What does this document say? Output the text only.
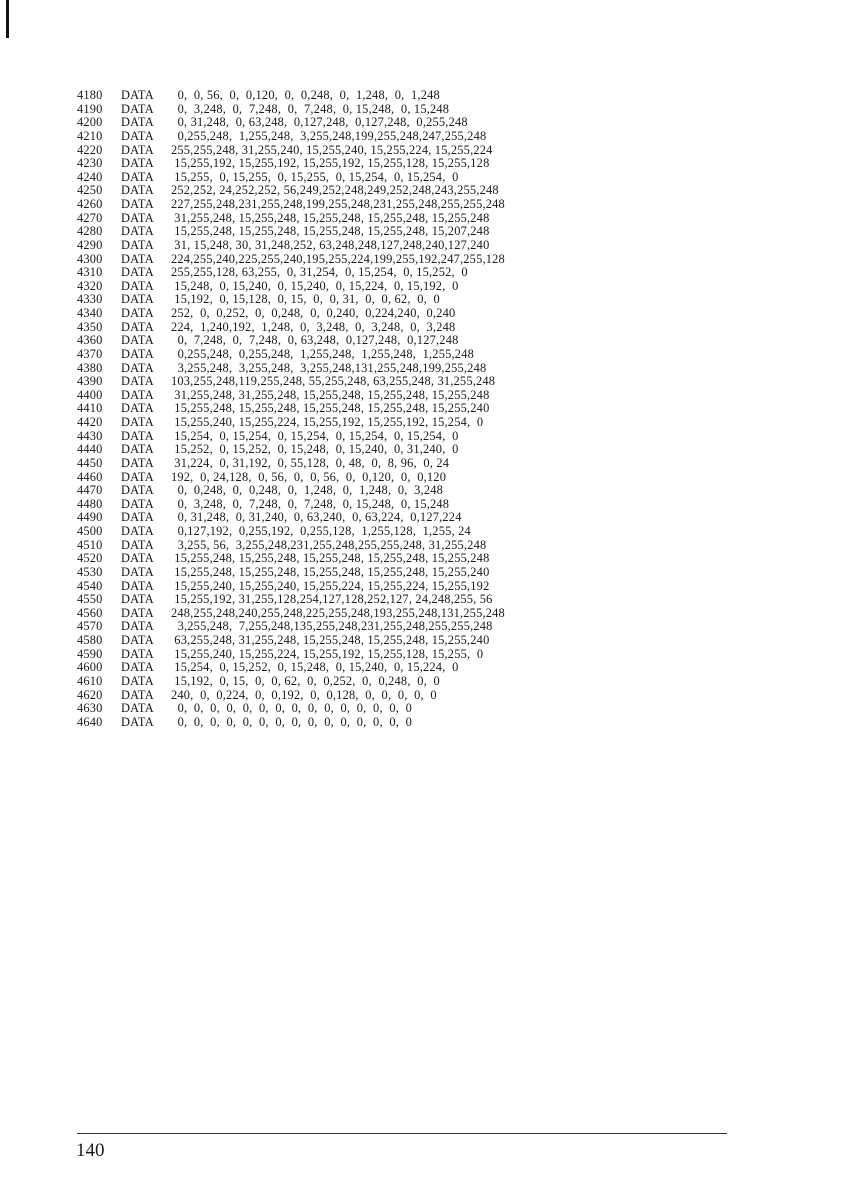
4180	DATA	0,  0, 56,  0,  0,120,  0,  0,248,  0,  1,248,  0,  1,248
4190	DATA	0,  3,248,  0,  7,248,  0,  7,248,  0, 15,248,  0, 15,248
4200	DATA	0, 31,248,  0, 63,248,  0,127,248,  0,127,248,  0,255,248
4210	DATA	0,255,248,  1,255,248,  3,255,248,199,255,248,247,255,248
4220	DATA	255,255,248, 31,255,240, 15,255,240, 15,255,224, 15,255,224
4230	DATA	15,255,192, 15,255,192, 15,255,192, 15,255,128, 15,255,128
4240	DATA	15,255,  0, 15,255,  0, 15,255,  0, 15,254,  0, 15,254,  0
4250	DATA	252,252, 24,252,252, 56,249,252,248,249,252,248,243,255,248
4260	DATA	227,255,248,231,255,248,199,255,248,231,255,248,255,255,248
4270	DATA	31,255,248, 15,255,248, 15,255,248, 15,255,248, 15,255,248
4280	DATA	15,255,248, 15,255,248, 15,255,248, 15,255,248, 15,207,248
4290	DATA	31, 15,248, 30, 31,248,252, 63,248,248,127,248,240,127,240
4300	DATA	224,255,240,225,255,240,195,255,224,199,255,192,247,255,128
4310	DATA	255,255,128, 63,255,  0, 31,254,  0, 15,254,  0, 15,252,  0
4320	DATA	15,248,  0, 15,240,  0, 15,240,  0, 15,224,  0, 15,192,  0
4330	DATA	15,192,  0, 15,128,  0, 15,  0,  0, 31,  0,  0, 62,  0,  0
4340	DATA	252,  0,  0,252,  0,  0,248,  0,  0,240,  0,224,240,  0,240
4350	DATA	224,  1,240,192,  1,248,  0,  3,248,  0,  3,248,  0,  3,248
4360	DATA	0,  7,248,  0,  7,248,  0, 63,248,  0,127,248,  0,127,248
4370	DATA	0,255,248,  0,255,248,  1,255,248,  1,255,248,  1,255,248
4380	DATA	3,255,248,  3,255,248,  3,255,248,131,255,248,199,255,248
4390	DATA	103,255,248,119,255,248, 55,255,248, 63,255,248, 31,255,248
4400	DATA	31,255,248, 31,255,248, 15,255,248, 15,255,248, 15,255,248
4410	DATA	15,255,248, 15,255,248, 15,255,248, 15,255,248, 15,255,240
4420	DATA	15,255,240, 15,255,224, 15,255,192, 15,255,192, 15,254,  0
4430	DATA	15,254,  0, 15,254,  0, 15,254,  0, 15,254,  0, 15,254,  0
4440	DATA	15,252,  0, 15,252,  0, 15,248,  0, 15,240,  0, 31,240,  0
4450	DATA	31,224,  0, 31,192,  0, 55,128,  0, 48,  0,  8, 96,  0, 24
4460	DATA	192,  0, 24,128,  0, 56,  0,  0, 56,  0,  0,120,  0,  0,120
4470	DATA	0,  0,248,  0,  0,248,  0,  1,248,  0,  1,248,  0,  3,248
4480	DATA	0,  3,248,  0,  7,248,  0,  7,248,  0, 15,248,  0, 15,248
4490	DATA	0, 31,248,  0, 31,240,  0, 63,240,  0, 63,224,  0,127,224
4500	DATA	0,127,192,  0,255,192,  0,255,128,  1,255,128,  1,255, 24
4510	DATA	3,255, 56,  3,255,248,231,255,248,255,255,248, 31,255,248
4520	DATA	15,255,248, 15,255,248, 15,255,248, 15,255,248, 15,255,248
4530	DATA	15,255,248, 15,255,248, 15,255,248, 15,255,248, 15,255,240
4540	DATA	15,255,240, 15,255,240, 15,255,224, 15,255,224, 15,255,192
4550	DATA	15,255,192, 31,255,128,254,127,128,252,127, 24,248,255, 56
4560	DATA	248,255,248,240,255,248,225,255,248,193,255,248,131,255,248
4570	DATA	3,255,248,  7,255,248,135,255,248,231,255,248,255,255,248
4580	DATA	63,255,248, 31,255,248, 15,255,248, 15,255,248, 15,255,240
4590	DATA	15,255,240, 15,255,224, 15,255,192, 15,255,128, 15,255,  0
4600	DATA	15,254,  0, 15,252,  0, 15,248,  0, 15,240,  0, 15,224,  0
4610	DATA	15,192,  0, 15,  0,  0, 62,  0,  0,252,  0,  0,248,  0,  0
4620	DATA	240,  0,  0,224,  0,  0,192,  0,  0,128,  0,  0,  0,  0,  0
4630	DATA	0,  0,  0,  0,  0,  0,  0,  0,  0,  0,  0,  0,  0,  0,  0
4640	DATA	0,  0,  0,  0,  0,  0,  0,  0,  0,  0,  0,  0,  0,  0,  0
140
